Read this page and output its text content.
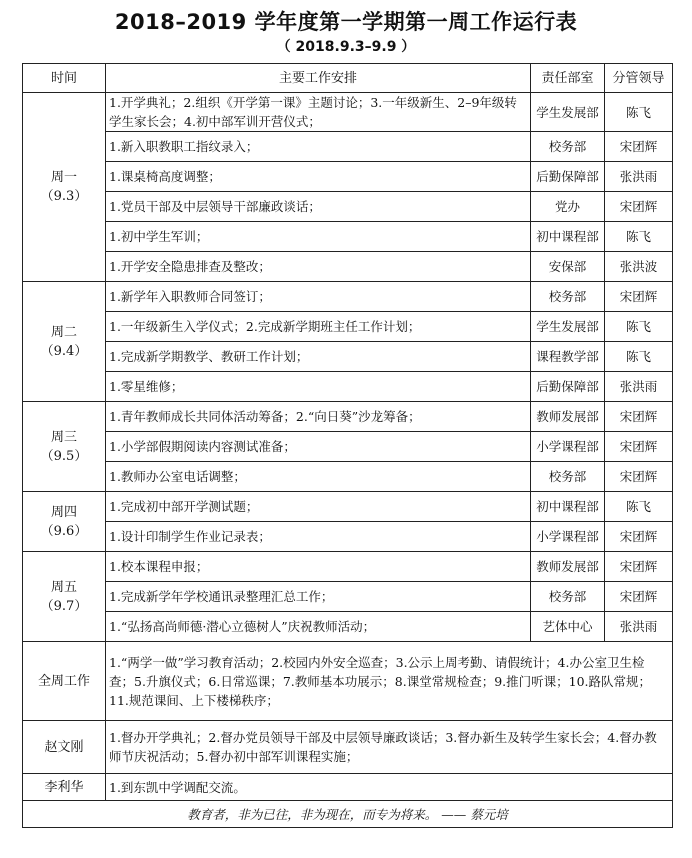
2018–2019 学年度第一学期第一周工作运行表
（ 2018.9.3–9.9 ）
时间	主要工作安排	责任部室	分管领导

周一
（9.3）	1.开学典礼；2.组织《开学第一课》主题讨论；3.一年级新生、2–9年级转学生家长会；4.初中部军训开营仪式；	学生发展部	陈飞
	1.新入职教职工指纹录入；	校务部	宋团辉
	1.课桌椅高度调整；	后勤保障部	张洪雨
	1.党员干部及中层领导干部廉政谈话；	党办	宋团辉
	1.初中学生军训；	初中课程部	陈飞
	1.开学安全隐患排查及整改；	安保部	张洪波

周二
（9.4）	1.新学年入职教师合同签订；	校务部	宋团辉
	1.一年级新生入学仪式；2.完成新学期班主任工作计划；	学生发展部	陈飞
	1.完成新学期教学、教研工作计划；	课程教学部	陈飞
	1.零星维修；	后勤保障部	张洪雨

周三
（9.5）	1.青年教师成长共同体活动筹备；2.“向日葵”沙龙筹备；	教师发展部	宋团辉
	1.小学部假期阅读内容测试准备；	小学课程部	宋团辉
	1.教师办公室电话调整；	校务部	宋团辉

周四
（9.6）	1.完成初中部开学测试题；	初中课程部	陈飞
	1.设计印制学生作业记录表；	小学课程部	宋团辉

周五
（9.7）	1.校本课程申报；	教师发展部	宋团辉
	1.完成新学年学校通讯录整理汇总工作；	校务部	宋团辉
	1.“弘扬高尚师德·潜心立德树人”庆祝教师活动；	艺体中心	张洪雨
全周工作	1.“两学一做”学习教育活动；2.校园内外安全巡查；3.公示上周考勤、请假统计；4.办公室卫生检查；5.升旗仪式；6.日常巡课；7.教师基本功展示；8.课堂常规检查；9.推门听课；10.路队常规；11.规范课间、上下楼梯秩序；		
赵文刚	1.督办开学典礼；2.督办党员领导干部及中层领导廉政谈话；3.督办新生及转学生家长会；4.督办教师节庆祝活动；5.督办初中部军训课程实施；		
李利华	1.到东凯中学调配交流。		
教育者，非为已往，非为现在，而专为将来。 —— 蔡元培			
